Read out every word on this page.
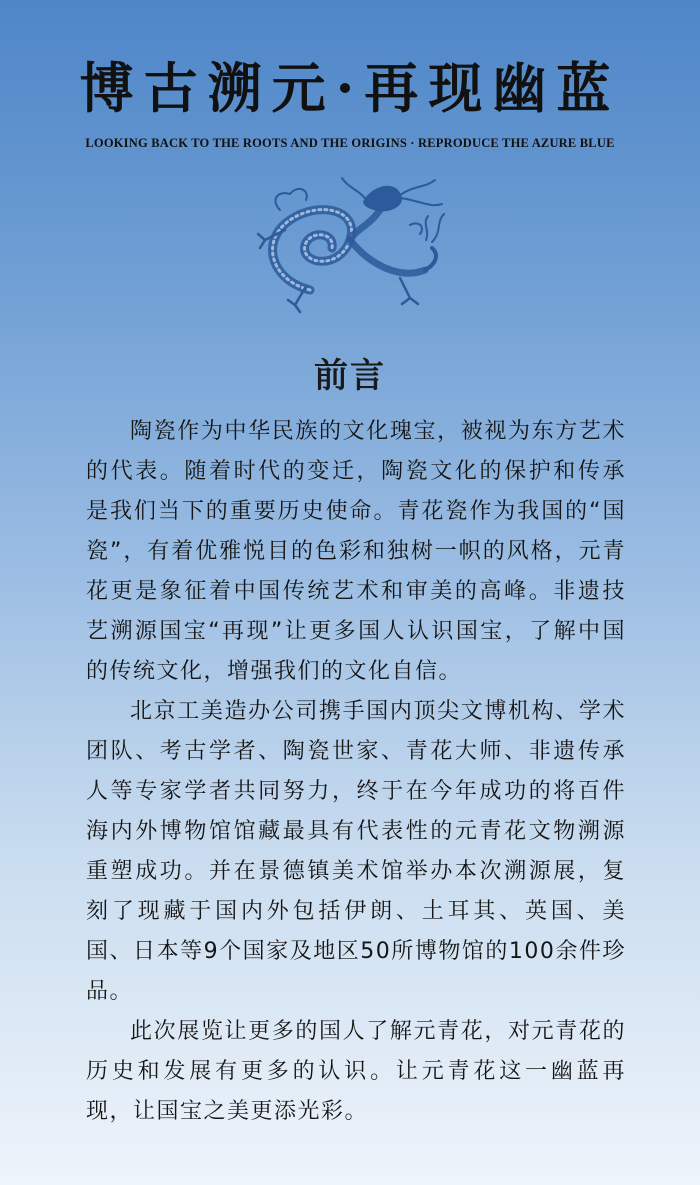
博古溯元·再现幽蓝
LOOKING BACK TO THE ROOTS AND THE ORIGINS · REPRODUCE THE AZURE BLUE
前言

陶瓷作为中华民族的文化瑰宝，被视为东方艺术的代表。随着时代的变迁，陶瓷文化的保护和传承是我们当下的重要历史使命。青花瓷作为我国的“国瓷”，有着优雅悦目的色彩和独树一帜的风格，元青花更是象征着中国传统艺术和审美的高峰。非遗技艺溯源国宝“再现”让更多国人认识国宝，了解中国的传统文化，增强我们的文化自信。

北京工美造办公司携手国内顶尖文博机构、学术团队、考古学者、陶瓷世家、青花大师、非遗传承人等专家学者共同努力，终于在今年成功的将百件海内外博物馆馆藏最具有代表性的元青花文物溯源重塑成功。并在景德镇美术馆举办本次溯源展，复刻了现藏于国内外包括伊朗、土耳其、英国、美国、日本等9个国家及地区50所博物馆的100余件珍品。

此次展览让更多的国人了解元青花，对元青花的历史和发展有更多的认识。让元青花这一幽蓝再现，让国宝之美更添光彩。
